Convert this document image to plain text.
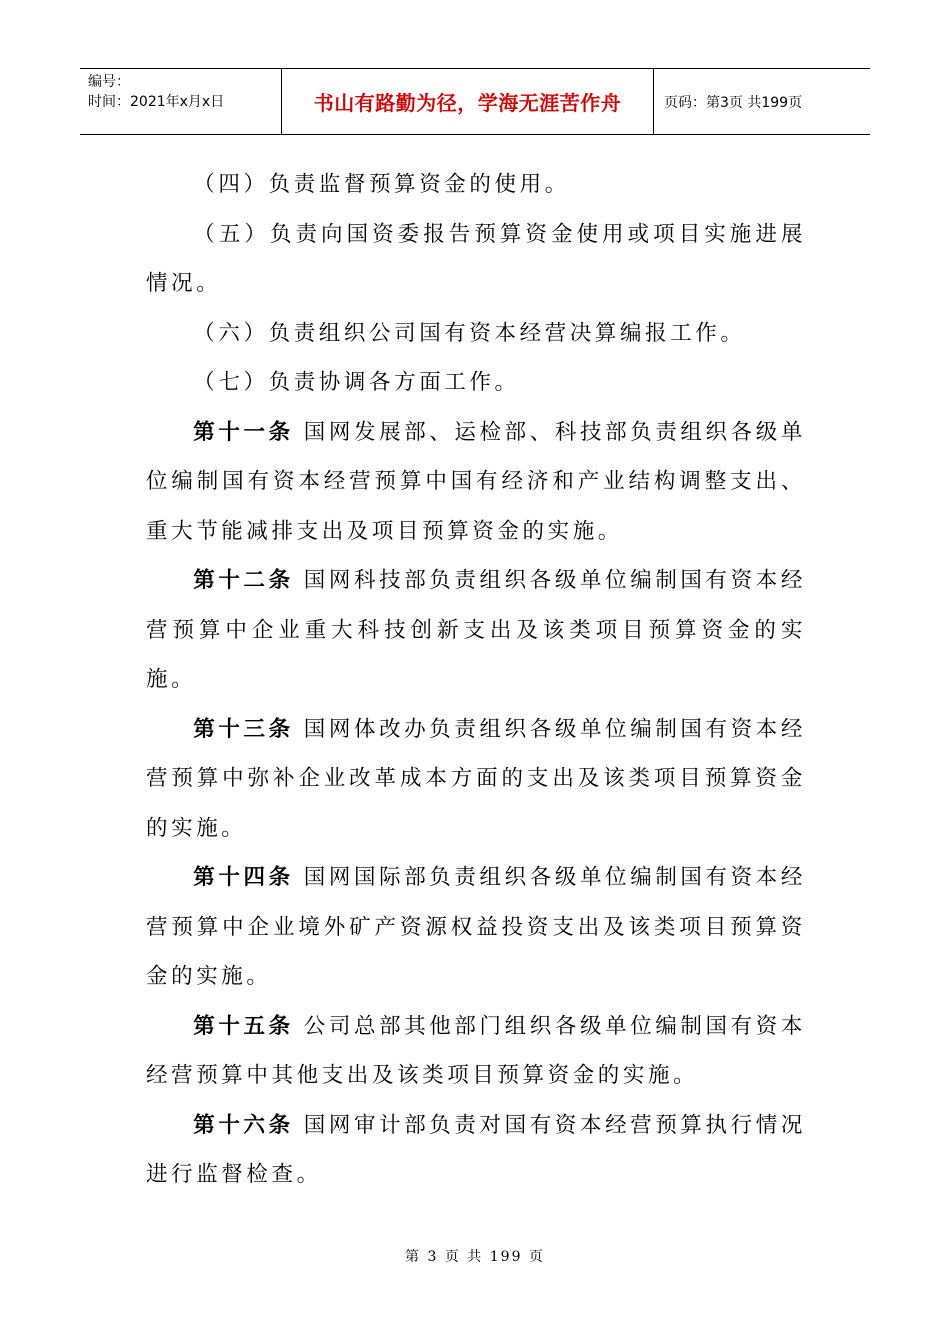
编号：
时间：2021年x月x日	书山有路勤为径，学海无涯苦作舟	页码：第3页 共199页

（四）负责监督预算资金的使用。

（五）负责向国资委报告预算资金使用或项目实施进展情况。

（六）负责组织公司国有资本经营决算编报工作。

（七）负责协调各方面工作。

第十一条 国网发展部、运检部、科技部负责组织各级单位编制国有资本经营预算中国有经济和产业结构调整支出、重大节能减排支出及项目预算资金的实施。

第十二条 国网科技部负责组织各级单位编制国有资本经营预算中企业重大科技创新支出及该类项目预算资金的实施。

第十三条 国网体改办负责组织各级单位编制国有资本经营预算中弥补企业改革成本方面的支出及该类项目预算资金的实施。

第十四条 国网国际部负责组织各级单位编制国有资本经营预算中企业境外矿产资源权益投资支出及该类项目预算资金的实施。

第十五条 公司总部其他部门组织各级单位编制国有资本经营预算中其他支出及该类项目预算资金的实施。

第十六条 国网审计部负责对国有资本经营预算执行情况进行监督检查。

第 3 页 共 199 页
